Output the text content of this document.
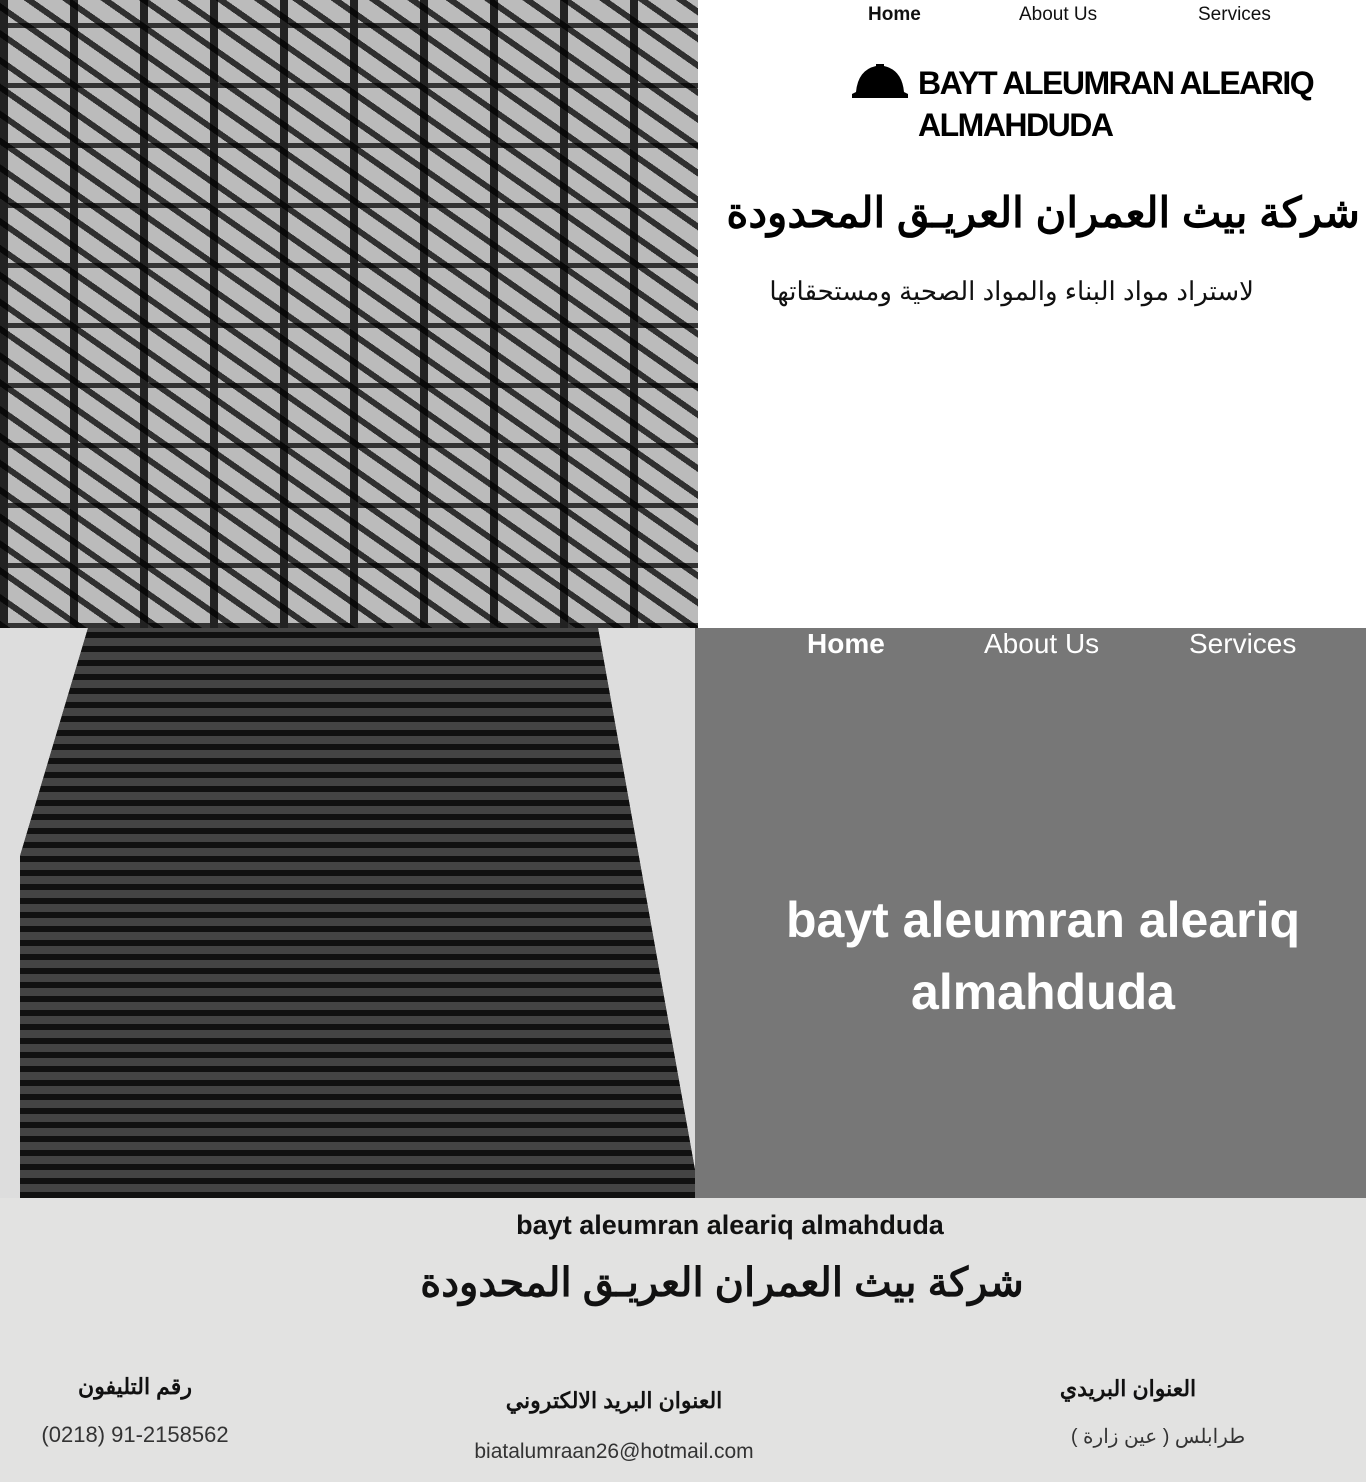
Home	About Us	Services
BAYT ALEUMRAN ALEARIQ ALMAHDUDA
شركة بيث العمران العريـق المحدودة
لاستراد مواد البناء والمواد الصحية ومستحقاتها
Home	About Us	Services
bayt aleumran aleariq almahduda
bayt aleumran aleariq almahduda
شركة بيث العمران العريـق المحدودة
رقم التليفون
(0218) 91-2158562
العنوان البريد الالكتروني
biatalumraan26@hotmail.com
العنوان البريدي
طرابلس ( عين زارة )
